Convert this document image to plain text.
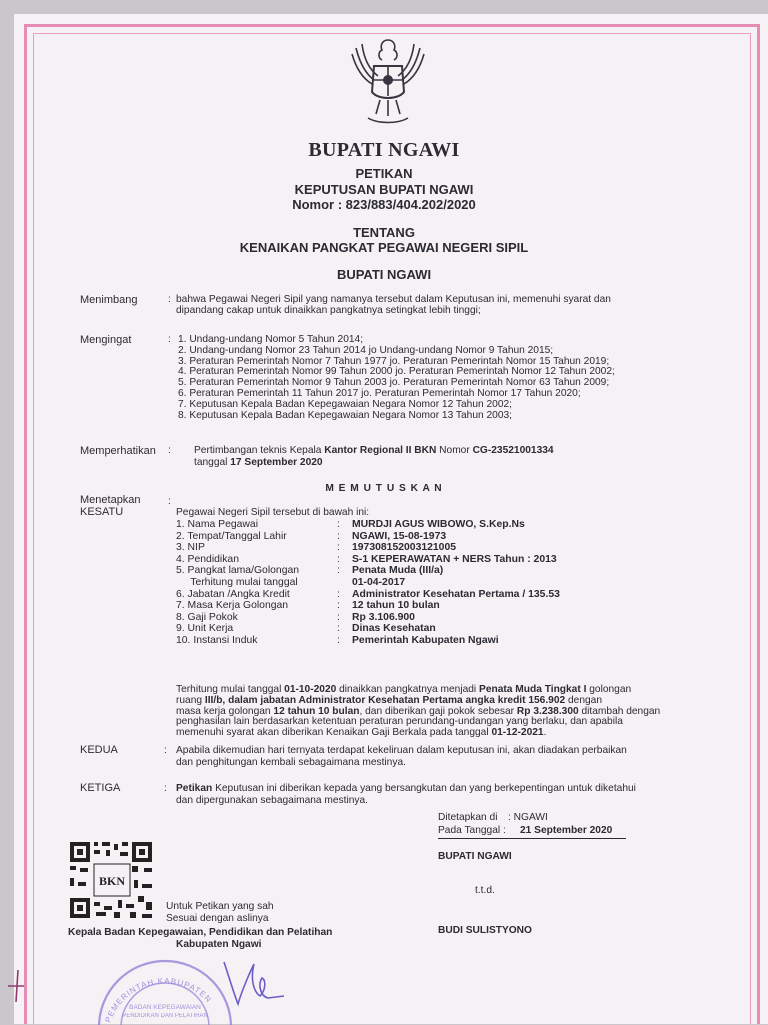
BUPATI NGAWI
PETIKAN
KEPUTUSAN BUPATI NGAWI
Nomor : 823/883/404.202/2020
TENTANG
KENAIKAN PANGKAT PEGAWAI NEGERI SIPIL
BUPATI NGAWI
Menimbang	: bahwa Pegawai Negeri Sipil yang namanya tersebut dalam Keputusan ini, memenuhi syarat dan
dipandang cakap untuk dinaikkan pangkatnya setingkat lebih tinggi;
Mengingat	: 1. Undang-undang Nomor 5 Tahun 2014;
2. Undang-undang Nomor 23 Tahun 2014 jo Undang-undang Nomor 9 Tahun 2015;
3. Peraturan Pemerintah Nomor 7 Tahun 1977 jo. Peraturan Pemerintah Nomor 15 Tahun 2019;
4. Peraturan Pemerintah Nomor 99 Tahun 2000 jo. Peraturan Pemerintah Nomor 12 Tahun 2002;
5. Peraturan Pemerintah Nomor 9 Tahun 2003 jo. Peraturan Pemerintah Nomor 63 Tahun 2009;
6. Peraturan Pemerintah 11 Tahun 2017 jo. Peraturan Pemerintah Nomor 17 Tahun 2020;
7. Keputusan Kepala Badan Kepegawaian Negara Nomor 12 Tahun 2002;
8. Keputusan Kepala Badan Kepegawaian Negara Nomor 13 Tahun 2003;
Memperhatikan : Pertimbangan teknis Kepala Kantor Regional II BKN Nomor CG-23521001334
tanggal 17 September 2020
M E M U T U S K A N
Menetapkan	:
KESATU	Pegawai Negeri Sipil tersebut di bawah ini:
1. Nama Pegawai	: MURDJI AGUS WIBOWO, S.Kep.Ns
2. Tempat/Tanggal Lahir	: NGAWI, 15-08-1973
3. NIP	: 197308152003121005
4. Pendidikan	: S-1 KEPERAWATAN + NERS Tahun : 2013
5. Pangkat lama/Golongan	: Penata Muda (III/a)
Terhitung mulai tanggal	01-04-2017
6. Jabatan /Angka Kredit	: Administrator Kesehatan Pertama / 135.53
7. Masa Kerja Golongan	: 12 tahun 10 bulan
8. Gaji Pokok	: Rp 3.106.900
9. Unit Kerja	: Dinas Kesehatan
10. Instansi Induk	: Pemerintah Kabupaten Ngawi
Terhitung mulai tanggal 01-10-2020 dinaikkan pangkatnya menjadi Penata Muda Tingkat I golongan
ruang III/b, dalam jabatan Administrator Kesehatan Pertama angka kredit 156.902 dengan
masa kerja golongan 12 tahun 10 bulan, dan diberikan gaji pokok sebesar Rp 3.238.300 ditambah dengan
penghasilan lain berdasarkan ketentuan peraturan perundang-undangan yang berlaku, dan apabila
memenuhi syarat akan diberikan Kenaikan Gaji Berkala pada tanggal 01-12-2021.
KEDUA	: Apabila dikemudian hari ternyata terdapat kekeliruan dalam keputusan ini, akan diadakan perbaikan
dan penghitungan kembali sebagaimana mestinya.
KETIGA	: Petikan Keputusan ini diberikan kepada yang bersangkutan dan yang berkepentingan untuk diketahui
dan dipergunakan sebagaimana mestinya.
Ditetapkan di : NGAWI
Pada Tanggal : 21 September 2020
BUPATI NGAWI
t.t.d.
BUDI SULISTYONO
BKN
Untuk Petikan yang sah
Sesuai dengan aslinya
Kepala Badan Kepegawaian, Pendidikan dan Pelatihan
Kabupaten Ngawi
PEMERINTAH KABUPATEN
BADAN KEPEGAWAIAN
PENDIDIKAN DAN PELATIHAN
